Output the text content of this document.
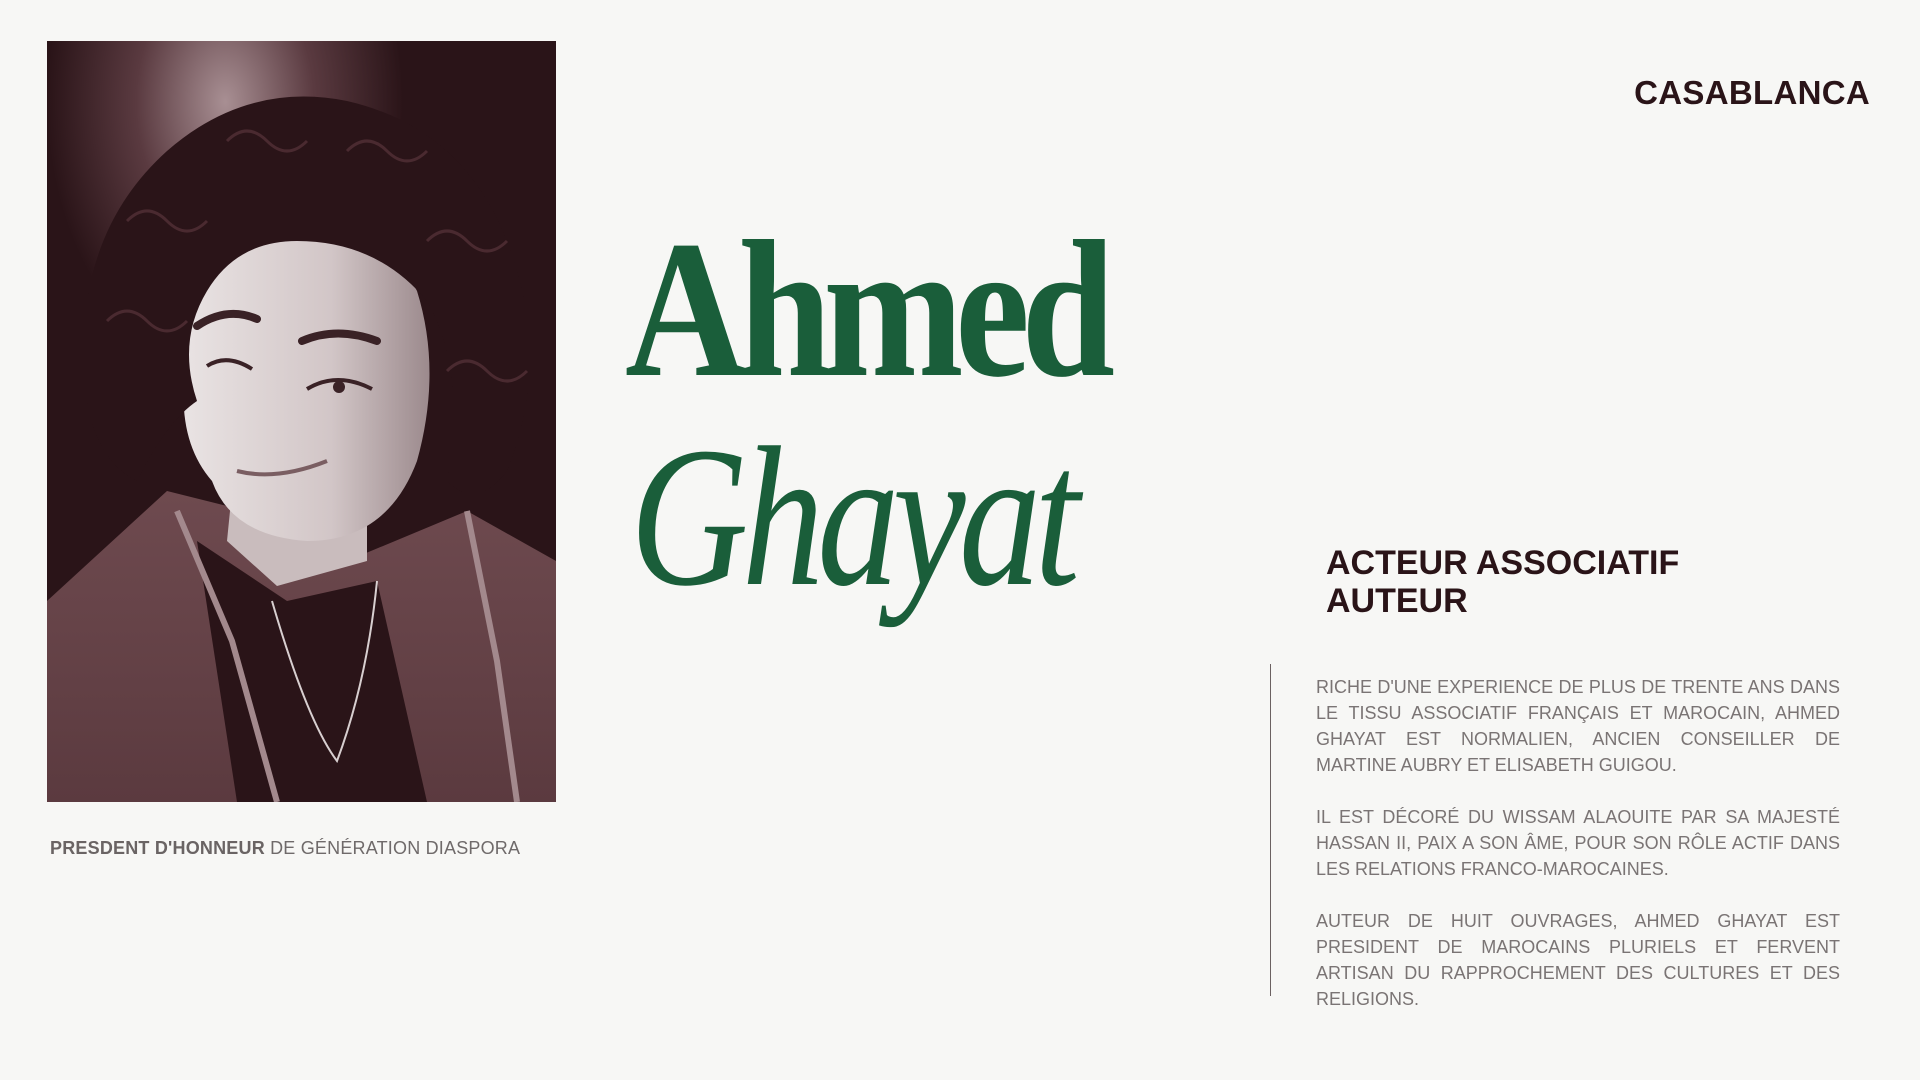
PRESDENT D'HONNEUR DE GÉNÉRATION DIASPORA
Ahmed
Ghayat
CASABLANCA
ACTEUR ASSOCIATIF
AUTEUR

RICHE D'UNE EXPERIENCE DE PLUS DE TRENTE ANS DANS LE TISSU ASSOCIATIF FRANÇAIS ET MAROCAIN, AHMED GHAYAT EST NORMALIEN, ANCIEN CONSEILLER DE MARTINE AUBRY ET ELISABETH GUIGOU.

IL EST DÉCORÉ DU WISSAM ALAOUITE PAR SA MAJESTÉ HASSAN II, PAIX A SON ÂME, POUR SON RÔLE ACTIF DANS LES RELATIONS FRANCO-MAROCAINES.

AUTEUR DE HUIT OUVRAGES, AHMED GHAYAT EST PRESIDENT DE MAROCAINS PLURIELS ET FERVENT ARTISAN DU RAPPROCHEMENT DES CULTURES ET DES RELIGIONS.
